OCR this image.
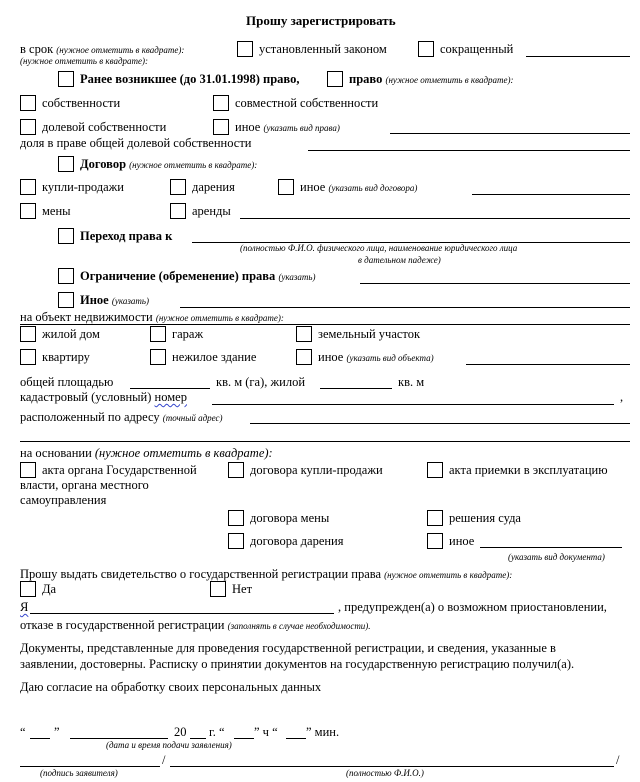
Прошу зарегистрировать
в срок (нужное отметить в квадрате):
(нужное отметить в квадрате):
установленный законом	сокращенный
Ранее возникшее (до 31.01.1998) право,	право (нужное отметить в квадрате):
собственности	совместной собственности
долевой собственности	иное (указать вид права)
доля в праве общей долевой собственности
Договор (нужное отметить в квадрате):
купли-продажи	дарения	иное (указать вид договора)
мены	аренды
Переход права к
(полностью Ф.И.О. физического лица, наименование юридического лица
в дательном падеже)
Ограничение (обременение) права (указать)
Иное (указать)
на объект недвижимости (нужное отметить в квадрате):
жилой дом	гараж	земельный участок
квартиру	нежилое здание	иное (указать вид объекта)
общей площадью	кв. м (га), жилой	кв. м
кадастровый (условный) номер	,
расположенный по адресу (точный адрес)
на основании (нужное отметить в квадрате):
акта органа Государственной
власти, органа местного
самоуправления
договора купли-продажи	акта приемки в эксплуатацию
договора мены	решения суда
договора дарения	иное
(указать вид документа)
Прошу выдать свидетельство о государственной регистрации права (нужное отметить в квадрате):
Да	Нет
Я	, предупрежден(а) о возможном приостановлении,
отказе в государственной регистрации (заполнять в случае необходимости).
Документы, представленные для проведения государственной регистрации, и сведения, указанные в
заявлении, достоверны. Расписку о принятии документов на государственную регистрацию получил(а).
Даю согласие на обработку своих персональных данных
“ ”	20 г. “ ” ч “ ” мин.
(дата и время подачи заявления)
/	/
(подпись заявителя)	(полностью Ф.И.О.)
